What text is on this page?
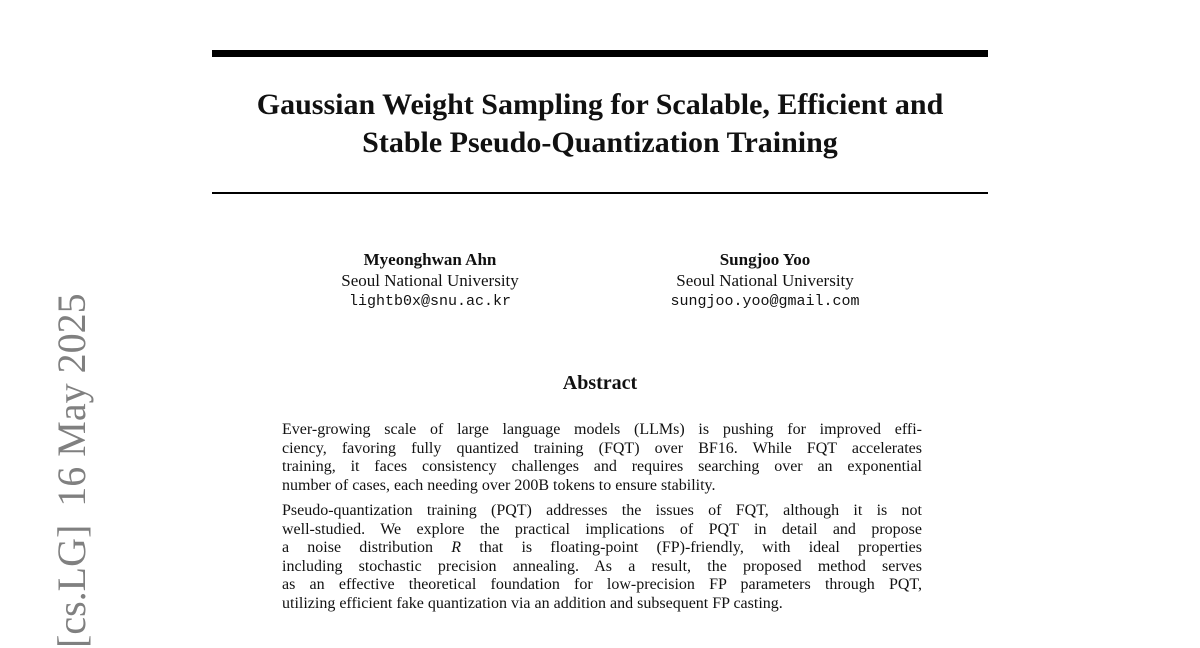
Gaussian Weight Sampling for Scalable, Efficient and
Stable Pseudo-Quantization Training
Myeonghwan Ahn
Seoul National University
lightb0x@snu.ac.kr
Sungjoo Yoo
Seoul National University
sungjoo.yoo@gmail.com
Abstract

Ever-growing scale of large language models (LLMs) is pushing for improved effi-
ciency, favoring fully quantized training (FQT) over BF16. While FQT accelerates
training, it faces consistency challenges and requires searching over an exponential
number of cases, each needing over 200B tokens to ensure stability.

Pseudo-quantization training (PQT) addresses the issues of FQT, although it is not
well-studied. We explore the practical implications of PQT in detail and propose
a noise distribution R that is floating-point (FP)-friendly, with ideal properties
including stochastic precision annealing. As a result, the proposed method serves
as an effective theoretical foundation for low-precision FP parameters through PQT,
utilizing efficient fake quantization via an addition and subsequent FP casting.

[cs.LG]16 May 2025
